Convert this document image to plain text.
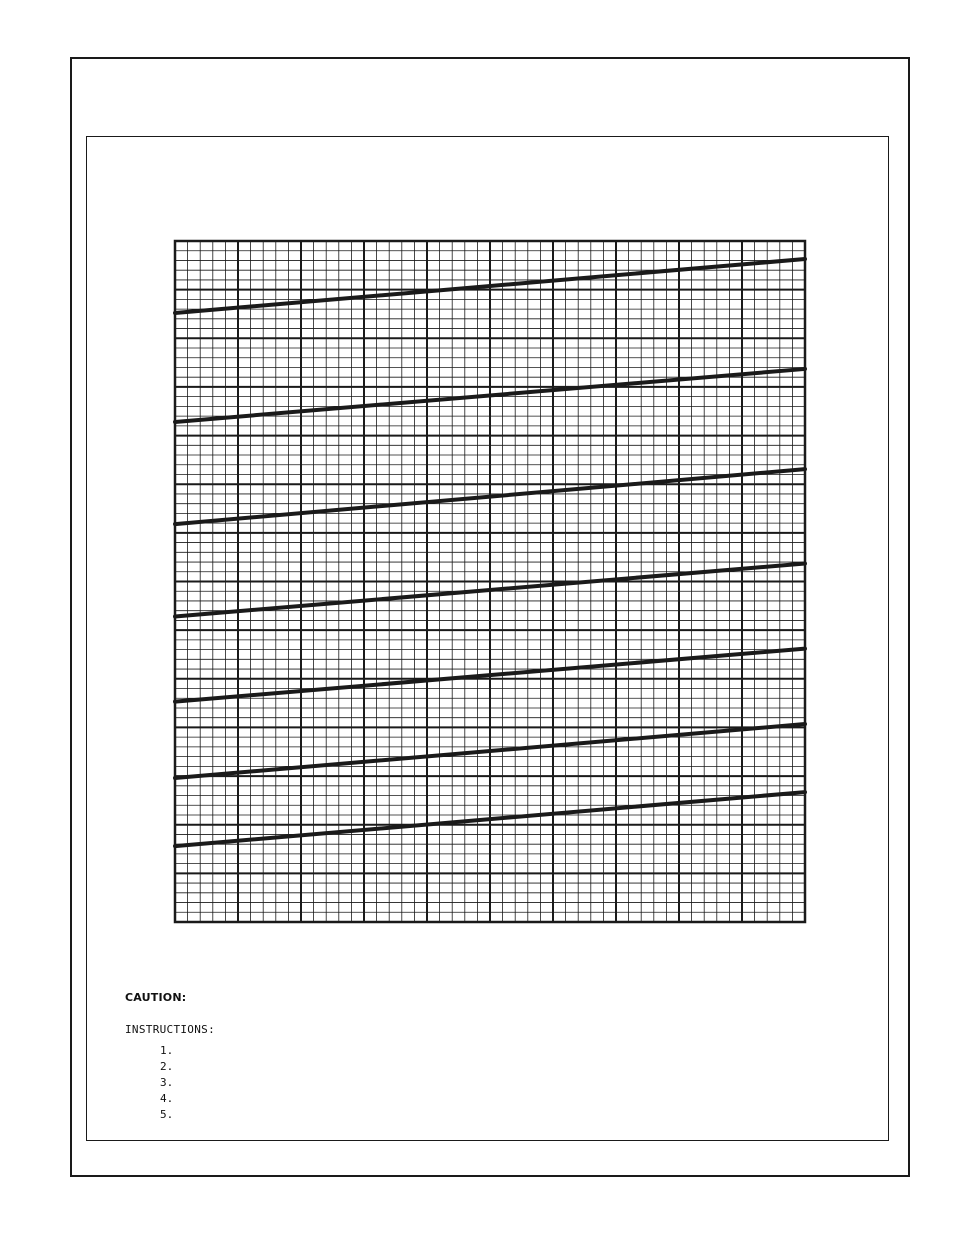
CAUTION:
INSTRUCTIONS:
1.
2.
3.
4.
5.
